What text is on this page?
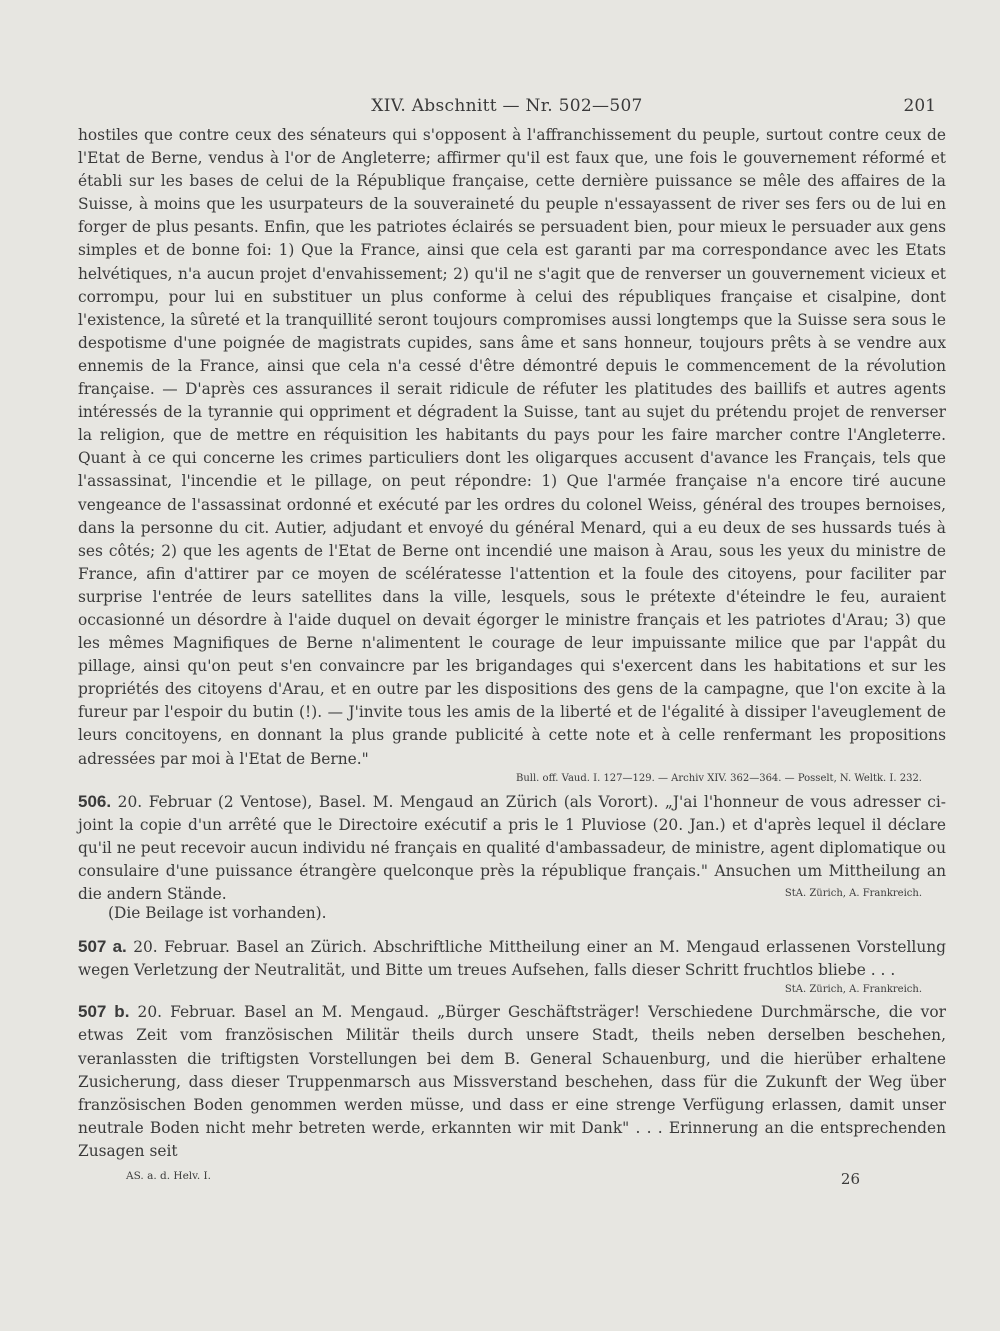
XIV. Abschnitt — Nr. 502—507	201

hostiles que contre ceux des sénateurs qui s'opposent à l'affranchissement du peuple, surtout contre ceux de l'Etat de Berne, vendus à l'or de Angleterre; affirmer qu'il est faux que, une fois le gouvernement réformé et établi sur les bases de celui de la République française, cette dernière puissance se mêle des affaires de la Suisse, à moins que les usurpateurs de la souveraineté du peuple n'essayassent de river ses fers ou de lui en forger de plus pesants. Enfin, que les patriotes éclairés se persuadent bien, pour mieux le persuader aux gens simples et de bonne foi: 1) Que la France, ainsi que cela est garanti par ma correspondance avec les Etats helvétiques, n'a aucun projet d'envahissement; 2) qu'il ne s'agit que de renverser un gouvernement vicieux et corrompu, pour lui en substituer un plus conforme à celui des républiques française et cisalpine, dont l'existence, la sûreté et la tranquillité seront toujours compromises aussi longtemps que la Suisse sera sous le despotisme d'une poignée de magistrats cupides, sans âme et sans honneur, toujours prêts à se vendre aux ennemis de la France, ainsi que cela n'a cessé d'être démontré depuis le commencement de la révolution française. — D'après ces assurances il serait ridicule de réfuter les platitudes des baillifs et autres agents intéressés de la tyrannie qui oppriment et dégradent la Suisse, tant au sujet du prétendu projet de renverser la religion, que de mettre en réquisition les habitants du pays pour les faire marcher contre l'Angleterre. Quant à ce qui concerne les crimes particuliers dont les oligarques accusent d'avance les Français, tels que l'assassinat, l'incendie et le pillage, on peut répondre: 1) Que l'armée française n'a encore tiré aucune vengeance de l'assassinat ordonné et exécuté par les ordres du colonel Weiss, général des troupes bernoises, dans la personne du cit. Autier, adjudant et envoyé du général Menard, qui a eu deux de ses hussards tués à ses côtés; 2) que les agents de l'Etat de Berne ont incendié une maison à Arau, sous les yeux du ministre de France, afin d'attirer par ce moyen de scélératesse l'attention et la foule des citoyens, pour faciliter par surprise l'entrée de leurs satellites dans la ville, lesquels, sous le prétexte d'éteindre le feu, auraient occasionné un désordre à l'aide duquel on devait égorger le ministre français et les patriotes d'Arau; 3) que les mêmes Magnifiques de Berne n'alimentent le courage de leur impuissante milice que par l'appât du pillage, ainsi qu'on peut s'en convaincre par les brigandages qui s'exercent dans les habitations et sur les propriétés des citoyens d'Arau, et en outre par les dispositions des gens de la campagne, que l'on excite à la fureur par l'espoir du butin (!). — J'invite tous les amis de la liberté et de l'égalité à dissiper l'aveuglement de leurs concitoyens, en donnant la plus grande publicité à cette note et à celle renfermant les propositions adressées par moi à l'Etat de Berne."

Bull. off. Vaud. I. 127—129. — Archiv XIV. 362—364. — Posselt, N. Weltk. I. 232.

506. 20. Februar (2 Ventose), Basel. M. Mengaud an Zürich (als Vorort). „J'ai l'honneur de vous adresser ci-joint la copie d'un arrêté que le Directoire exécutif a pris le 1 Pluviose (20. Jan.) et d'après lequel il déclare qu'il ne peut recevoir aucun individu né français en qualité d'ambassadeur, de ministre, agent diplomatique ou consulaire d'une puissance étrangère quelconque près la république français." Ansuchen um Mittheilung an die andern Stände.	StA. Zürich, A. Frankreich.

(Die Beilage ist vorhanden).

507 a. 20. Februar. Basel an Zürich. Abschriftliche Mittheilung einer an M. Mengaud erlassenen Vorstellung wegen Verletzung der Neutralität, und Bitte um treues Aufsehen, falls dieser Schritt fruchtlos bliebe . . .

StA. Zürich, A. Frankreich.

507 b. 20. Februar. Basel an M. Mengaud. „Bürger Geschäftsträger! Verschiedene Durchmärsche, die vor etwas Zeit vom französischen Militär theils durch unsere Stadt, theils neben derselben beschehen, veranlassten die triftigsten Vorstellungen bei dem B. General Schauenburg, und die hierüber erhaltene Zusicherung, dass dieser Truppenmarsch aus Missverstand beschehen, dass für die Zukunft der Weg über französischen Boden genommen werden müsse, und dass er eine strenge Verfügung erlassen, damit unser neutrale Boden nicht mehr betreten werde, erkannten wir mit Dank" . . . Erinnerung an die entsprechenden Zusagen seit

AS. a. d. Helv. I.	26
